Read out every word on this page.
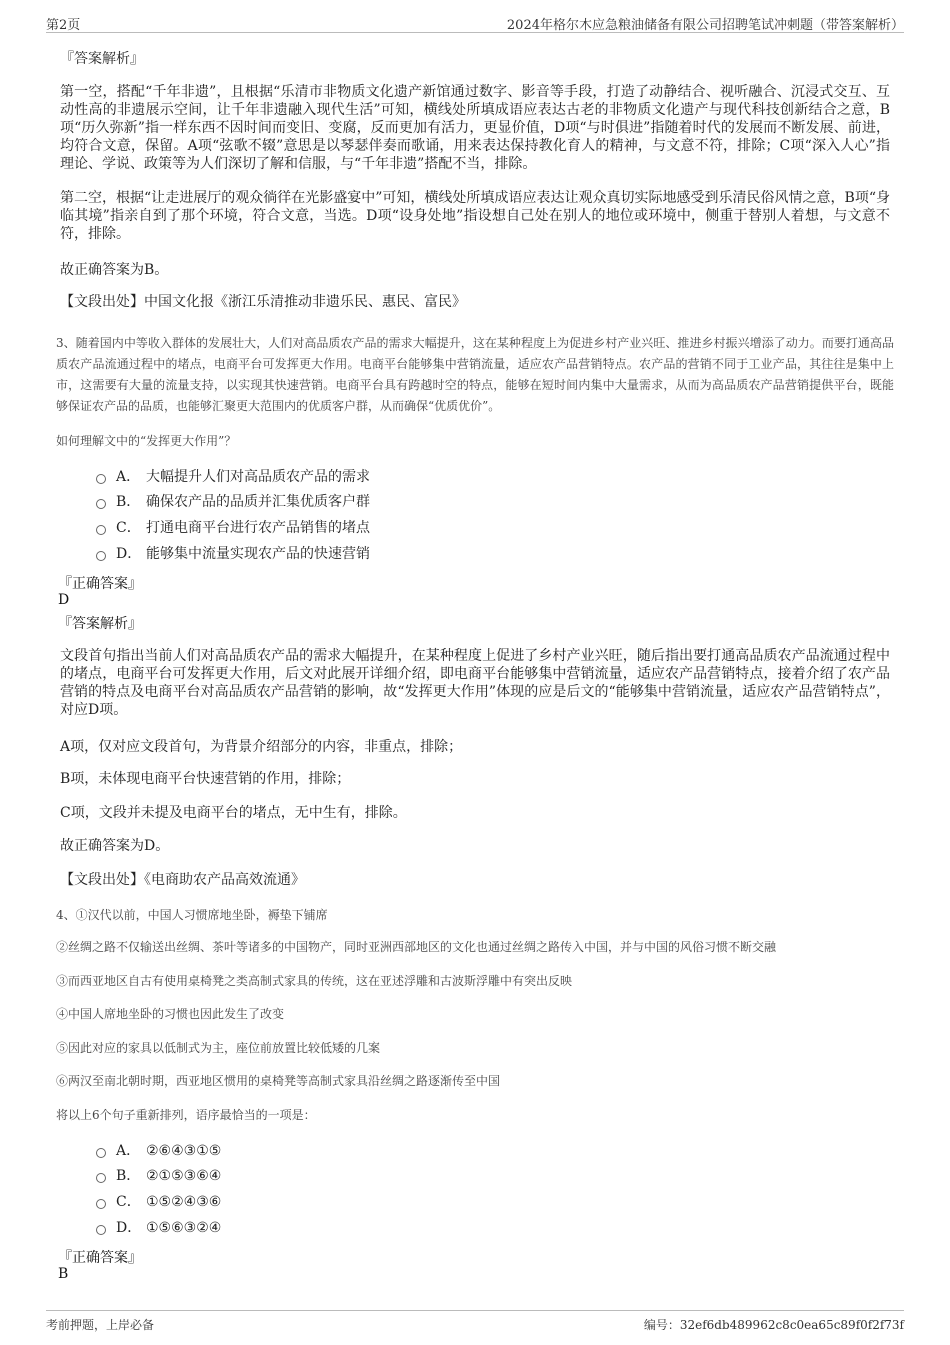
第2页	2024年格尔木应急粮油储备有限公司招聘笔试冲刺题（带答案解析）
『答案解析』

第一空，搭配“千年非遗”，且根据“乐清市非物质文化遗产新馆通过数字、影音等手段，打造了动静结合、视听融合、沉浸式交互、互动性高的非遗展示空间，让千年非遗融入现代生活”可知，横线处所填成语应表达古老的非物质文化遗产与现代科技创新结合之意，B项“历久弥新”指一样东西不因时间而变旧、变腐，反而更加有活力，更显价值，D项“与时俱进”指随着时代的发展而不断发展、前进，均符合文意，保留。A项“弦歌不辍”意思是以琴瑟伴奏而歌诵，用来表达保持教化育人的精神，与文意不符，排除；C项“深入人心”指理论、学说、政策等为人们深切了解和信服，与“千年非遗”搭配不当，排除。

第二空，根据“让走进展厅的观众徜徉在光影盛宴中”可知，横线处所填成语应表达让观众真切实际地感受到乐清民俗风情之意，B项“身临其境”指亲自到了那个环境，符合文意，当选。D项“设身处地”指设想自己处在别人的地位或环境中，侧重于替别人着想，与文意不符，排除。

故正确答案为B。
【文段出处】中国文化报《浙江乐清推动非遗乐民、惠民、富民》

3、随着国内中等收入群体的发展壮大，人们对高品质农产品的需求大幅提升，这在某种程度上为促进乡村产业兴旺、推进乡村振兴增添了动力。而要打通高品质农产品流通过程中的堵点，电商平台可发挥更大作用。电商平台能够集中营销流量，适应农产品营销特点。农产品的营销不同于工业产品，其往往是集中上市，这需要有大量的流量支持，以实现其快速营销。电商平台具有跨越时空的特点，能够在短时间内集中大量需求，从而为高品质农产品营销提供平台，既能够保证农产品的品质，也能够汇聚更大范围内的优质客户群，从而确保“优质优价”。

如何理解文中的“发挥更大作用”？
A． 大幅提升人们对高品质农产品的需求
B． 确保农产品的品质并汇集优质客户群
C． 打通电商平台进行农产品销售的堵点
D． 能够集中流量实现农产品的快速营销
『正确答案』
D
『答案解析』

文段首句指出当前人们对高品质农产品的需求大幅提升，在某种程度上促进了乡村产业兴旺，随后指出要打通高品质农产品流通过程中的堵点，电商平台可发挥更大作用，后文对此展开详细介绍，即电商平台能够集中营销流量，适应农产品营销特点，接着介绍了农产品营销的特点及电商平台对高品质农产品营销的影响，故“发挥更大作用”体现的应是后文的“能够集中营销流量，适应农产品营销特点”，对应D项。

A项，仅对应文段首句，为背景介绍部分的内容，非重点，排除；
B项，未体现电商平台快速营销的作用，排除；
C项，文段并未提及电商平台的堵点，无中生有，排除。
故正确答案为D。
【文段出处】《电商助农产品高效流通》
4、①汉代以前，中国人习惯席地坐卧，褥垫下铺席
②丝绸之路不仅输送出丝绸、茶叶等诸多的中国物产，同时亚洲西部地区的文化也通过丝绸之路传入中国，并与中国的风俗习惯不断交融
③而西亚地区自古有使用桌椅凳之类高制式家具的传统，这在亚述浮雕和古波斯浮雕中有突出反映
④中国人席地坐卧的习惯也因此发生了改变
⑤因此对应的家具以低制式为主，座位前放置比较低矮的几案
⑥两汉至南北朝时期，西亚地区惯用的桌椅凳等高制式家具沿丝绸之路逐渐传至中国
将以上6个句子重新排列，语序最恰当的一项是：
A． ②⑥④③①⑤
B． ②①⑤③⑥④
C． ①⑤②④③⑥
D． ①⑤⑥③②④
『正确答案』
B
考前押题，上岸必备	编号：32ef6db489962c8c0ea65c89f0f2f73f
